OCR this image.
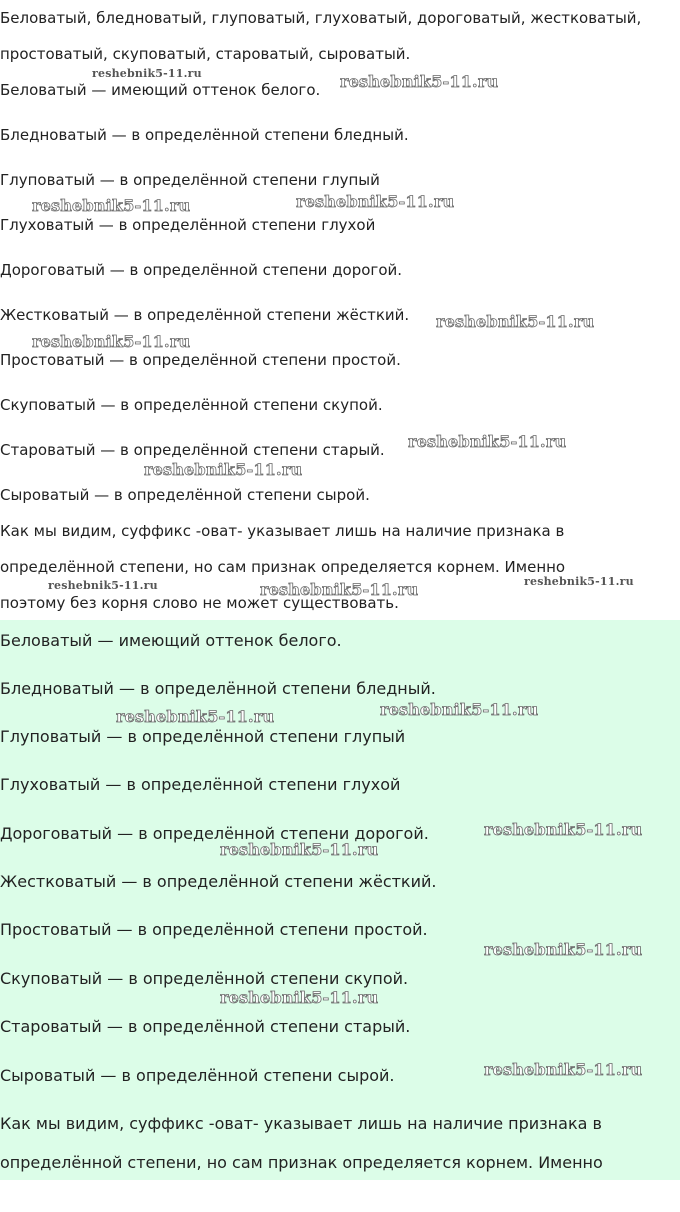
Беловатый, бледноватый, глуповатый, глуховатый, дороговатый, жестковатый,
простоватый, скуповатый, староватый, сыроватый.
Беловатый — имеющий оттенок белого.
Бледноватый — в определённой степени бледный.
Глуповатый — в определённой степени глупый
Глуховатый — в определённой степени глухой
Дороговатый — в определённой степени дорогой.
Жестковатый — в определённой степени жёсткий.
Простоватый — в определённой степени простой.
Скуповатый — в определённой степени скупой.
Староватый — в определённой степени старый.
Сыроватый — в определённой степени сырой.
Как мы видим, суффикс -оват- указывает лишь на наличие признака в
определённой степени, но сам признак определяется корнем. Именно
поэтому без корня слово не может существовать.
reshebnik5-11.ru	reshebnik5-11.ru
reshebnik5-11.ru	reshebnik5-11.ru
reshebnik5-11.ru
reshebnik5-11.ru
reshebnik5-11.ru
reshebnik5-11.ru
reshebnik5-11.ru	reshebnik5-11.ru	reshebnik5-11.ru
Беловатый — имеющий оттенок белого.
Бледноватый — в определённой степени бледный.
Глуповатый — в определённой степени глупый
Глуховатый — в определённой степени глухой
Дороговатый — в определённой степени дорогой.
Жестковатый — в определённой степени жёсткий.
Простоватый — в определённой степени простой.
Скуповатый — в определённой степени скупой.
Староватый — в определённой степени старый.
Сыроватый — в определённой степени сырой.
Как мы видим, суффикс -оват- указывает лишь на наличие признака в
определённой степени, но сам признак определяется корнем. Именно
reshebnik5-11.ru	reshebnik5-11.ru
reshebnik5-11.ru
reshebnik5-11.ru
reshebnik5-11.ru
reshebnik5-11.ru
reshebnik5-11.ru
